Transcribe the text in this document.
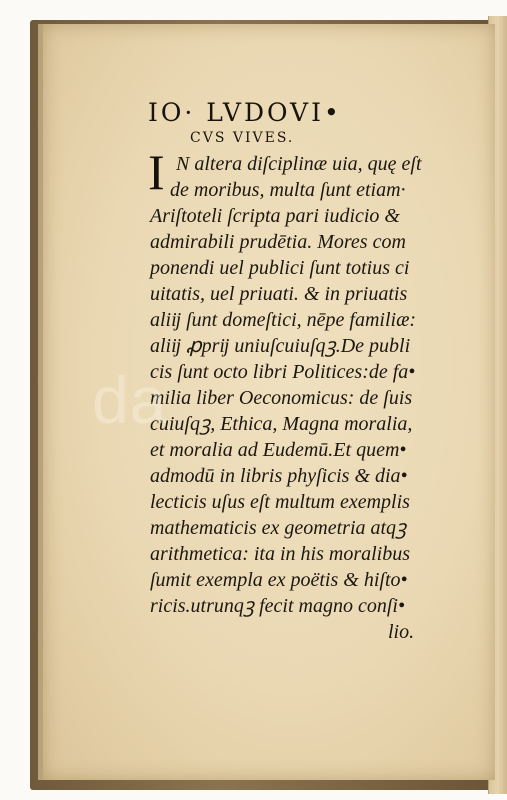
IO· LVDOVI•
CVS VIVES.
I N altera diſciplinæ uia, quę eſt
de moribus, multa ſunt etiam·
Ariſtoteli ſcripta pari iudicio &
admirabili prudētia. Mores com
ponendi uel publici ſunt totius ci
uitatis, uel priuati. & in priuatis
aliĳ ſunt domeſtici, nēpe familiæ:
aliĳ ꝓprĳ uniuſcuiuſqꝫ.De publi
cis ſunt octo libri Politices:de fa•
milia liber Oeconomicus: de ſuis
cuiuſqꝫ, Ethica, Magna moralia,
et moralia ad Eudemū.Et quem•
admodū in libris phyſicis & dia•
lecticis uſus eſt multum exemplis
mathematicis ex geometria atqꝫ
arithmetica: ita in his moralibus
ſumit exempla ex poëtis & hiſto•
ricis.utrunqꝫ fecit magno conſi•
lio.
da
